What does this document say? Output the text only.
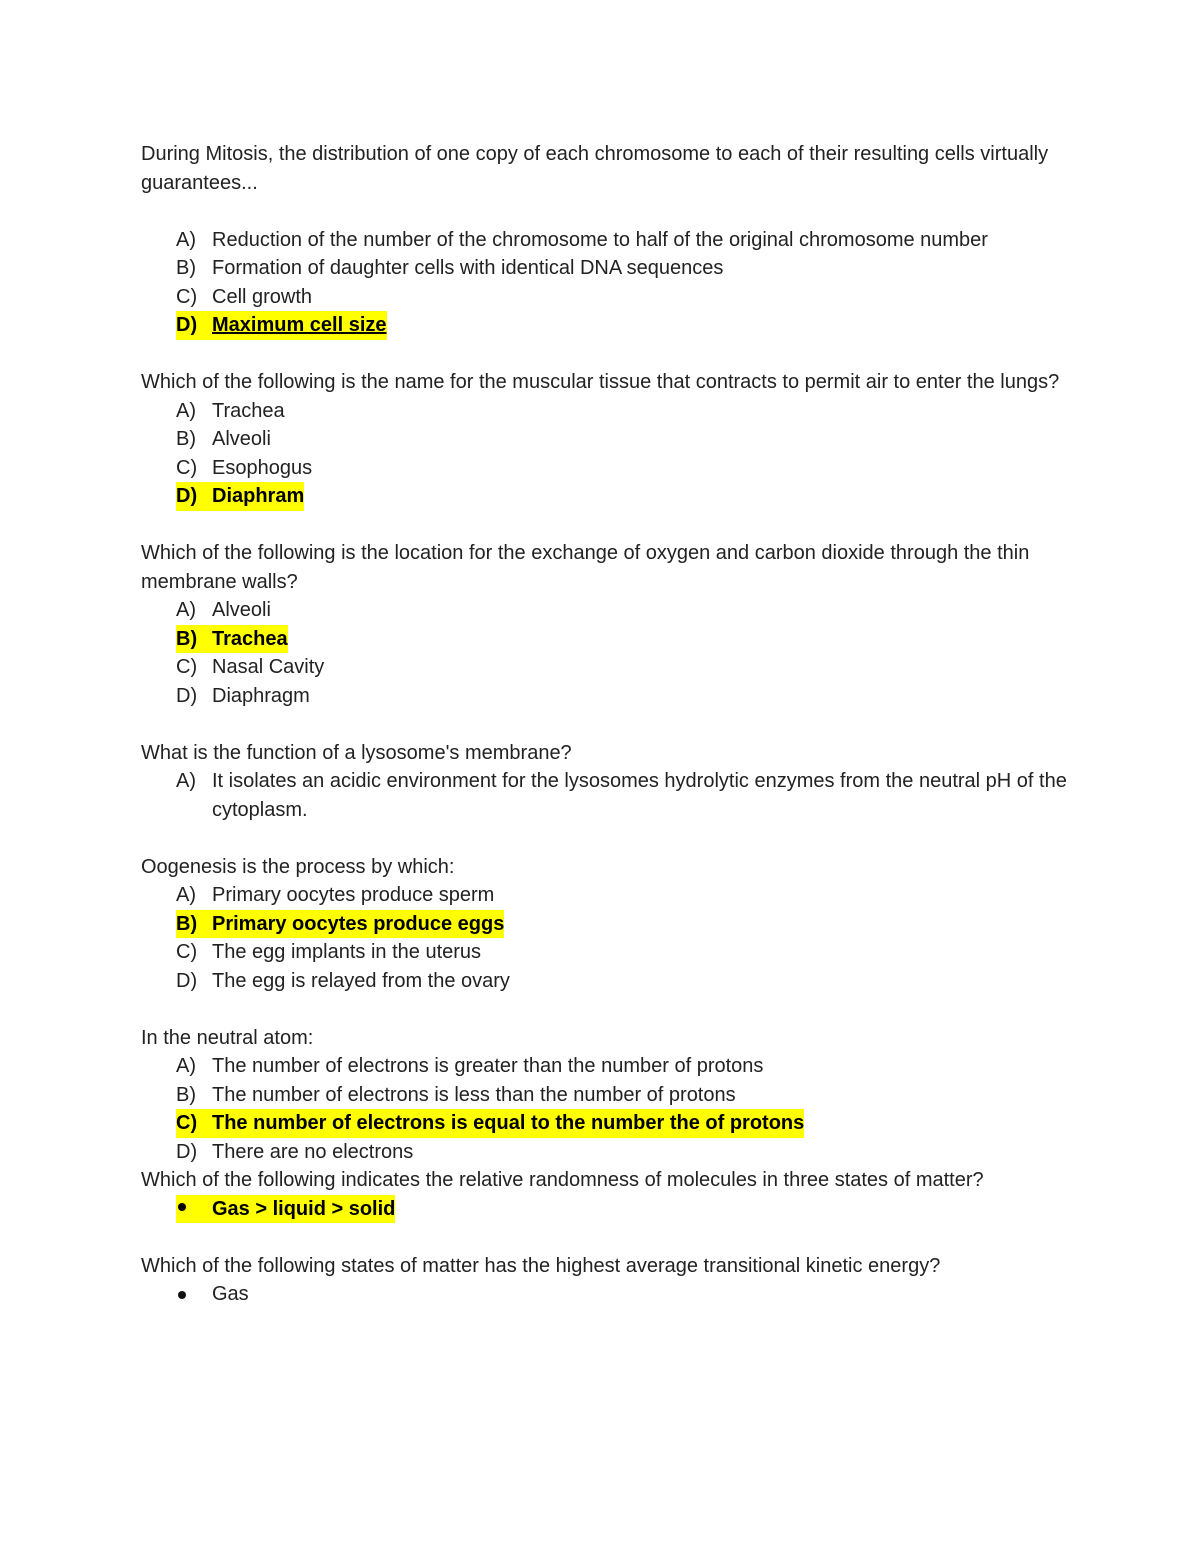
During Mitosis, the distribution of one copy of each chromosome to each of their resulting cells virtually guarantees...

A) Reduction of the number of the chromosome to half of the original chromosome number
B) Formation of daughter cells with identical DNA sequences
C) Cell growth
D) Maximum cell size

Which of the following is the name for the muscular tissue that contracts to permit air to enter the lungs?

A) Trachea
B) Alveoli
C) Esophogus
D) Diaphram

Which of the following is the location for the exchange of oxygen and carbon dioxide through the thin membrane walls?

A) Alveoli
B) Trachea
C) Nasal Cavity
D) Diaphragm

What is the function of a lysosome's membrane?

A) It isolates an acidic environment for the lysosomes hydrolytic enzymes from the neutral pH of the cytoplasm.

Oogenesis is the process by which:

A) Primary oocytes produce sperm
B) Primary oocytes produce eggs
C) The egg implants in the uterus
D) The egg is relayed from the ovary

In the neutral atom:

A) The number of electrons is greater than the number of protons
B) The number of electrons is less than the number of protons
C) The number of electrons is equal to the number the of protons
D) There are no electrons

Which of the following indicates the relative randomness of molecules in three states of matter?

Gas > liquid > solid

Which of the following states of matter has the highest average transitional kinetic energy?

Gas
